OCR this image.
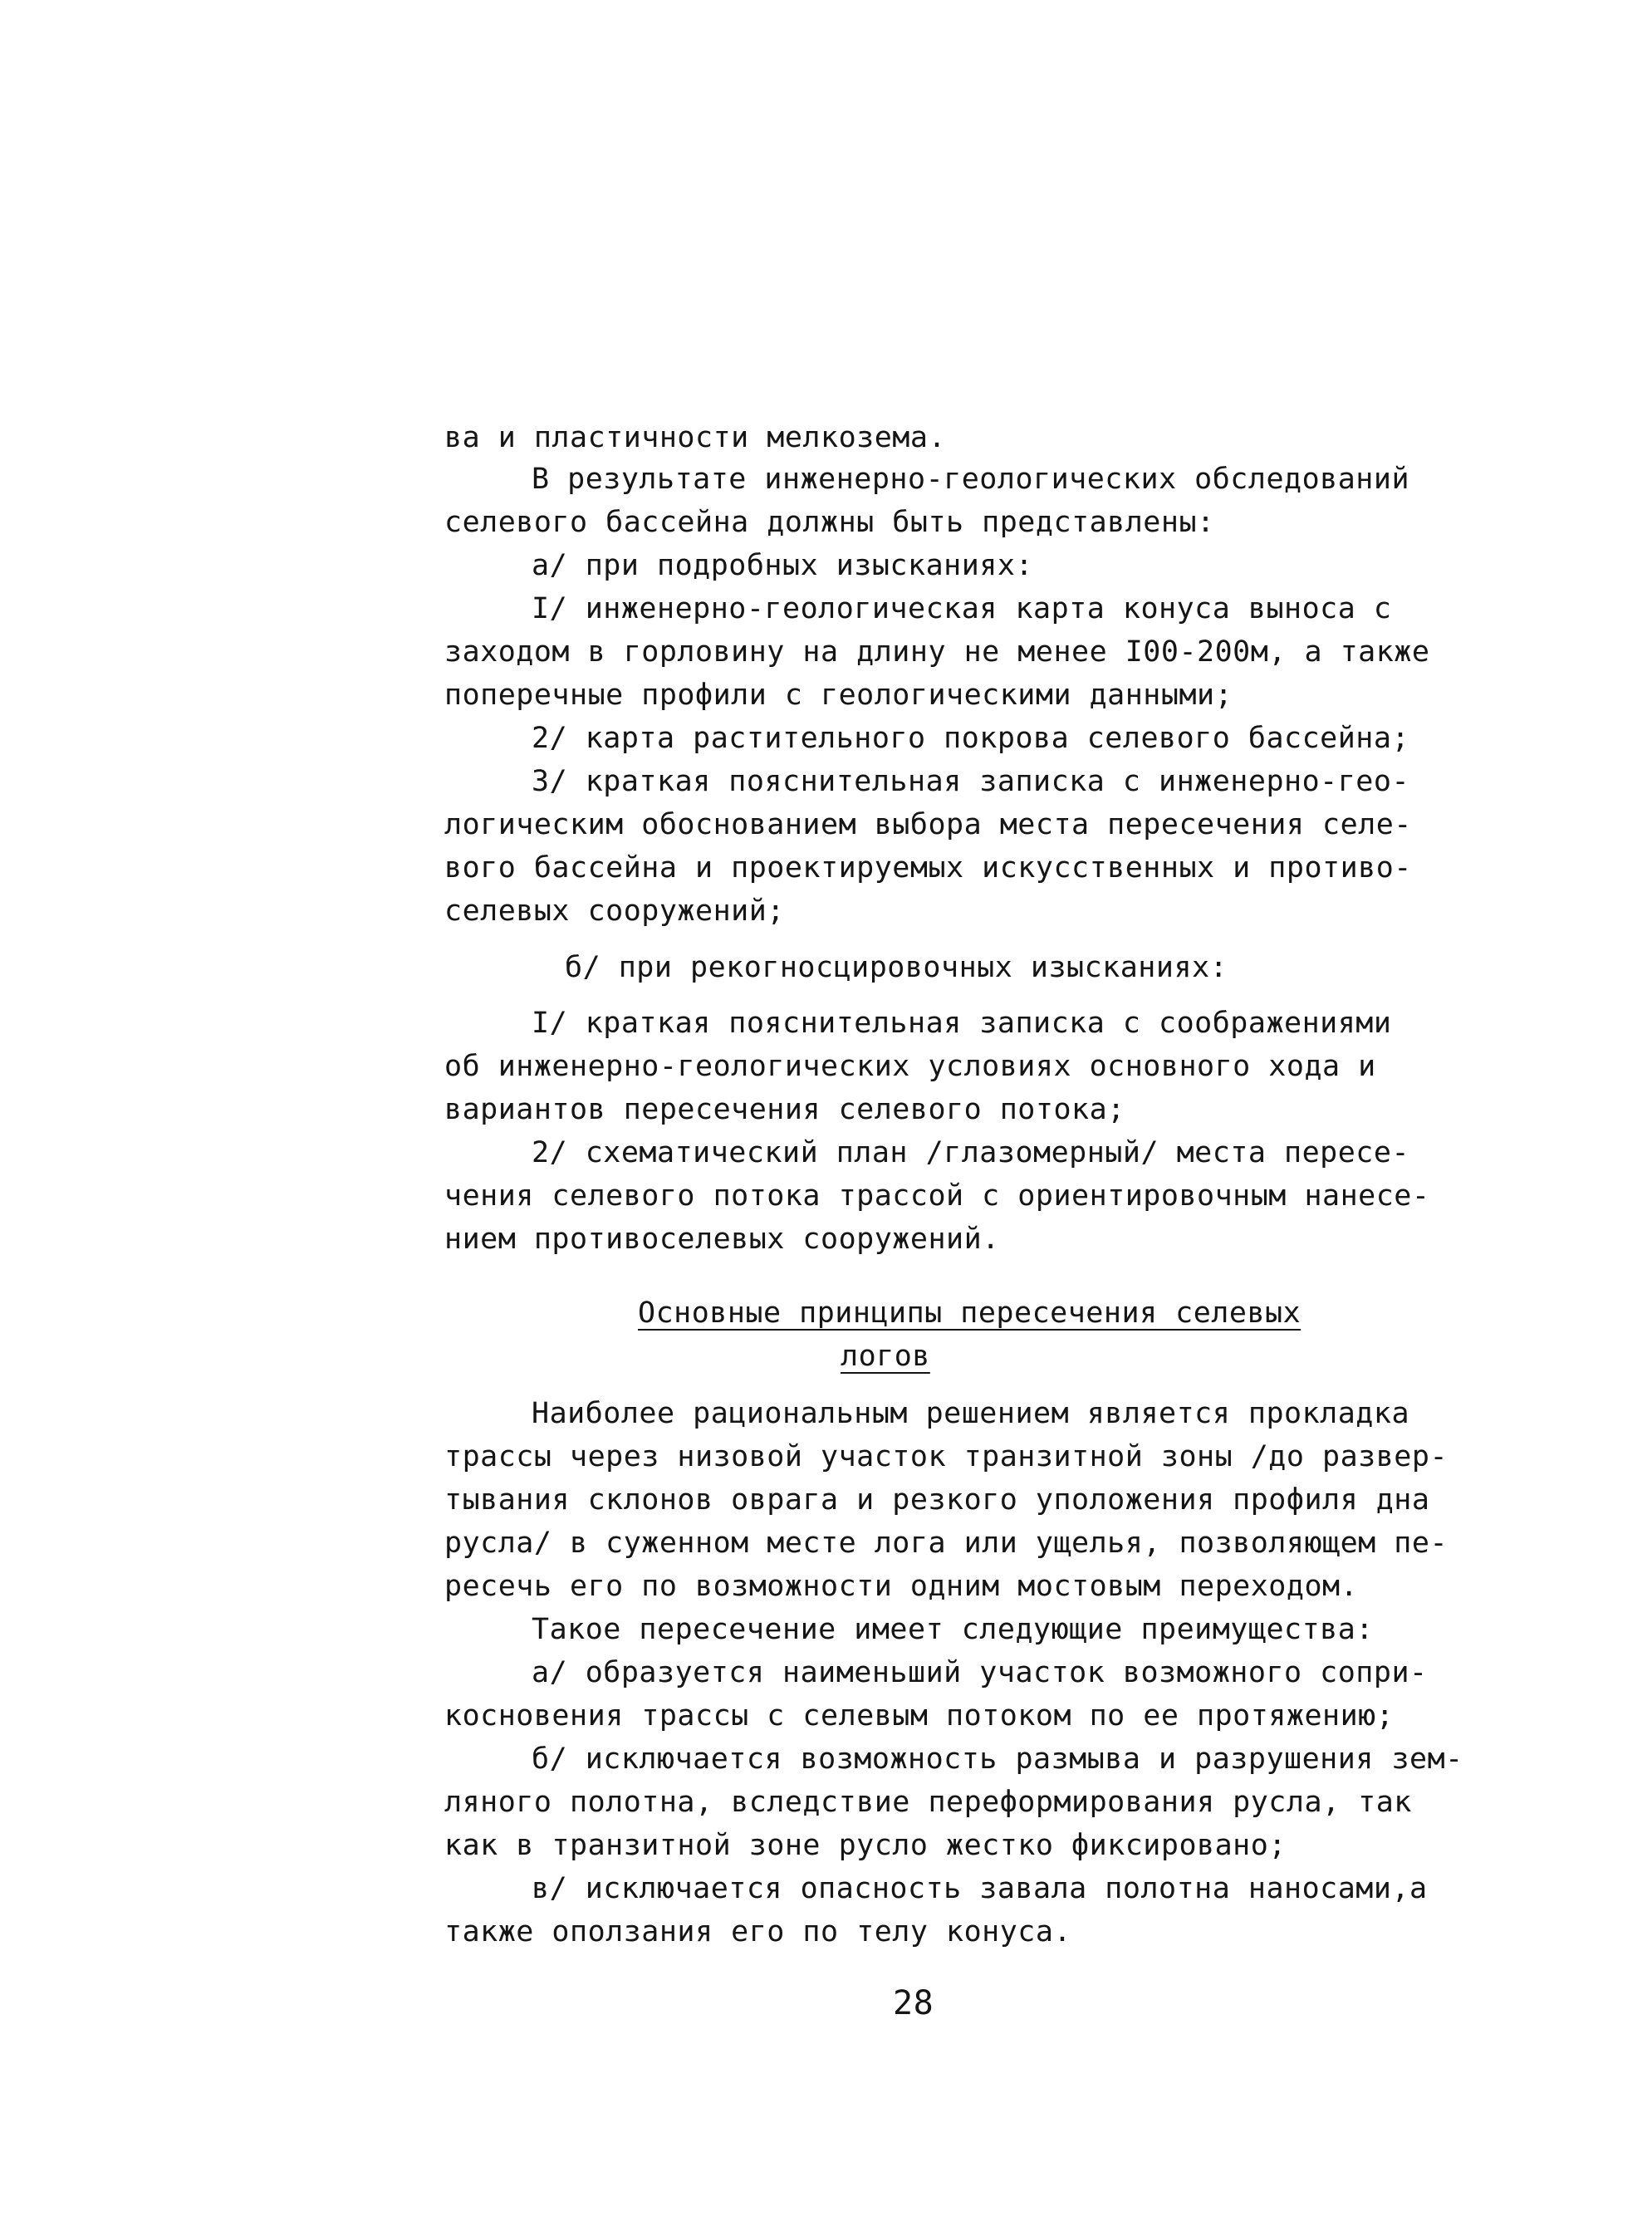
ва и пластичности мелкозема.
В результате инженерно-геологических обследований
селевого бассейна должны быть представлены:
а/ при подробных изысканиях:
I/ инженерно-геологическая карта конуса выноса с
заходом в горловину на длину не менее I00-200м, а также
поперечные профили с геологическими данными;
2/ карта растительного покрова селевого бассейна;
3/ краткая пояснительная записка с инженерно-гео-
логическим обоснованием выбора места пересечения селе-
вого бассейна и проектируемых искусственных и противо-
селевых сооружений;
б/ при рекогносцировочных изысканиях:
I/ краткая пояснительная записка с соображениями
об инженерно-геологических условиях основного хода и
вариантов пересечения селевого потока;
2/ схематический план /глазомерный/ места пересе-
чения селевого потока трассой с ориентировочным нанесе-
нием противоселевых сооружений.
Основные принципы пересечения селевых
логов
Наиболее рациональным решением является прокладка
трассы через низовой участок транзитной зоны /до развер-
тывания склонов оврага и резкого уположения профиля дна
русла/ в суженном месте лога или ущелья, позволяющем пе-
ресечь его по возможности одним мостовым переходом.
Такое пересечение имеет следующие преимущества:
а/ образуется наименьший участок возможного сопри-
косновения трассы с селевым потоком по ее протяжению;
б/ исключается возможность размыва и разрушения зем-
ляного полотна, вследствие переформирования русла, так
как в транзитной зоне русло жестко фиксировано;
в/ исключается опасность завала полотна наносами,а
также оползания его по телу конуса.
28
